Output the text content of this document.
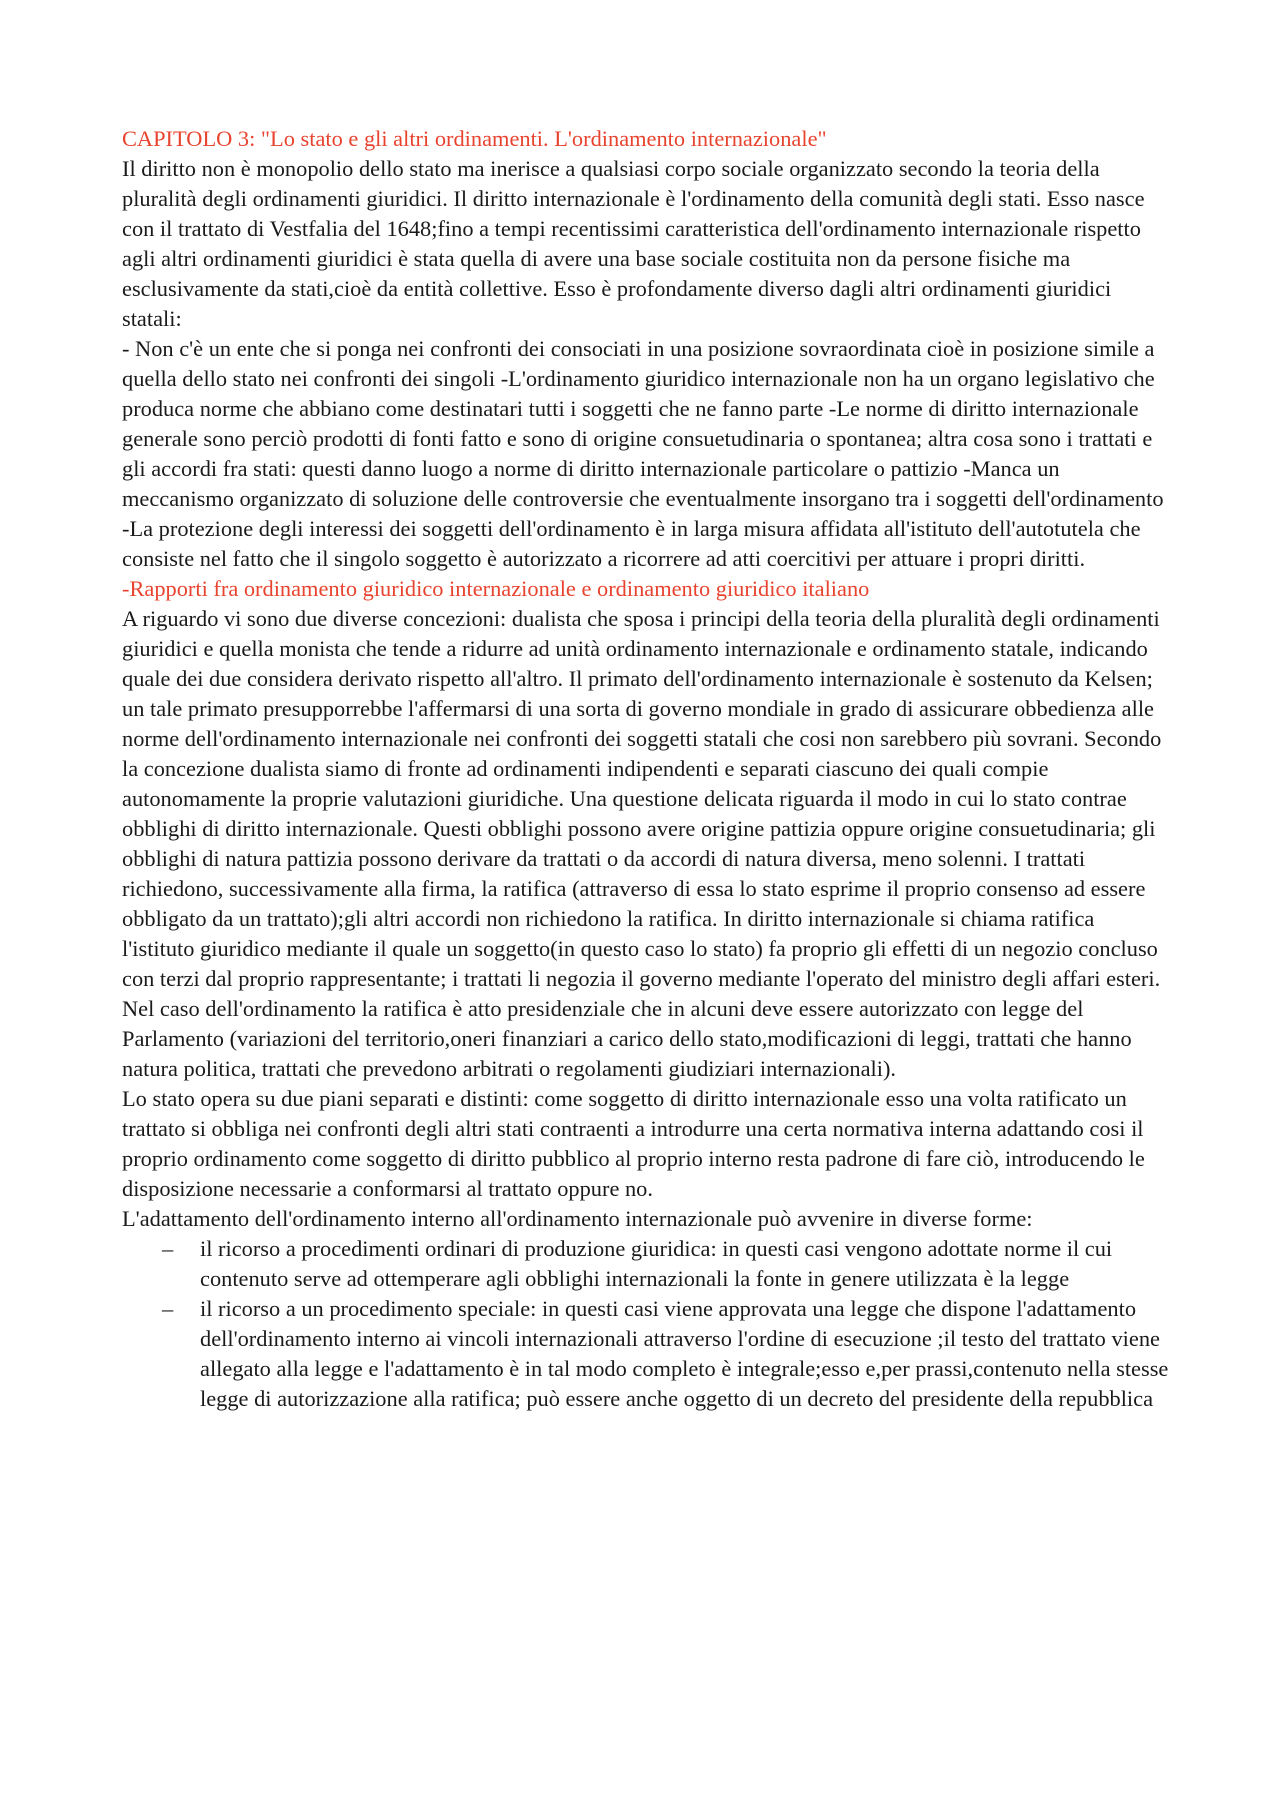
CAPITOLO 3: "Lo stato e gli altri ordinamenti. L'ordinamento internazionale"

Il diritto non è monopolio dello stato ma inerisce a qualsiasi corpo sociale organizzato secondo la teoria della pluralità degli ordinamenti giuridici. Il diritto internazionale è l'ordinamento della comunità degli stati. Esso nasce con il trattato di Vestfalia del 1648;fino a tempi recentissimi caratteristica dell'ordinamento internazionale rispetto agli altri ordinamenti giuridici è stata quella di avere una base sociale costituita non da persone fisiche ma esclusivamente da stati,cioè da entità collettive. Esso è profondamente diverso dagli altri ordinamenti giuridici statali:

- Non c'è un ente che si ponga nei confronti dei consociati in una posizione sovraordinata cioè in posizione simile a quella dello stato nei confronti dei singoli -L'ordinamento giuridico internazionale non ha un organo legislativo che produca norme che abbiano come destinatari tutti i soggetti che ne fanno parte -Le norme di diritto internazionale generale sono perciò prodotti di fonti fatto e sono di origine consuetudinaria o spontanea; altra cosa sono i trattati e gli accordi fra stati: questi danno luogo a norme di diritto internazionale particolare o pattizio -Manca un meccanismo organizzato di soluzione delle controversie che eventualmente insorgano tra i soggetti dell'ordinamento -La protezione degli interessi dei soggetti dell'ordinamento è in larga misura affidata all'istituto dell'autotutela che consiste nel fatto che il singolo soggetto è autorizzato a ricorrere ad atti coercitivi per attuare i propri diritti.

-Rapporti fra ordinamento giuridico internazionale e ordinamento giuridico italiano

A riguardo vi sono due diverse concezioni: dualista che sposa i principi della teoria della pluralità degli ordinamenti giuridici e quella monista che tende a ridurre ad unità ordinamento internazionale e ordinamento statale, indicando quale dei due considera derivato rispetto all'altro. Il primato dell'ordinamento internazionale è sostenuto da Kelsen; un tale primato presupporrebbe l'affermarsi di una sorta di governo mondiale in grado di assicurare obbedienza alle norme dell'ordinamento internazionale nei confronti dei soggetti statali che cosi non sarebbero più sovrani. Secondo la concezione dualista siamo di fronte ad ordinamenti indipendenti e separati ciascuno dei quali compie autonomamente la proprie valutazioni giuridiche. Una questione delicata riguarda il modo in cui lo stato contrae obblighi di diritto internazionale. Questi obblighi possono avere origine pattizia oppure origine consuetudinaria; gli obblighi di natura pattizia possono derivare da trattati o da accordi di natura diversa, meno solenni. I trattati richiedono, successivamente alla firma, la ratifica (attraverso di essa lo stato esprime il proprio consenso ad essere obbligato da un trattato);gli altri accordi non richiedono la ratifica. In diritto internazionale si chiama ratifica l'istituto giuridico mediante il quale un soggetto(in questo caso lo stato) fa proprio gli effetti di un negozio concluso con terzi dal proprio rappresentante; i trattati li negozia il governo mediante l'operato del ministro degli affari esteri. Nel caso dell'ordinamento la ratifica è atto presidenziale che in alcuni deve essere autorizzato con legge del Parlamento (variazioni del territorio,oneri finanziari a carico dello stato,modificazioni di leggi, trattati che hanno natura politica, trattati che prevedono arbitrati o regolamenti giudiziari internazionali).

Lo stato opera su due piani separati e distinti: come soggetto di diritto internazionale esso una volta ratificato un trattato si obbliga nei confronti degli altri stati contraenti a introdurre una certa normativa interna adattando cosi il proprio ordinamento come soggetto di diritto pubblico al proprio interno resta padrone di fare ciò, introducendo le disposizione necessarie a conformarsi al trattato oppure no.

L'adattamento dell'ordinamento interno all'ordinamento internazionale può avvenire in diverse forme:

– il ricorso a procedimenti ordinari di produzione giuridica: in questi casi vengono adottate norme il cui contenuto serve ad ottemperare agli obblighi internazionali la fonte in genere utilizzata è la legge
– il ricorso a un procedimento speciale: in questi casi viene approvata una legge che dispone l'adattamento dell'ordinamento interno ai vincoli internazionali attraverso l'ordine di esecuzione ;il testo del trattato viene allegato alla legge e l'adattamento è in tal modo completo è integrale;esso e,per prassi,contenuto nella stesse legge di autorizzazione alla ratifica; può essere anche oggetto di un decreto del presidente della repubblica
